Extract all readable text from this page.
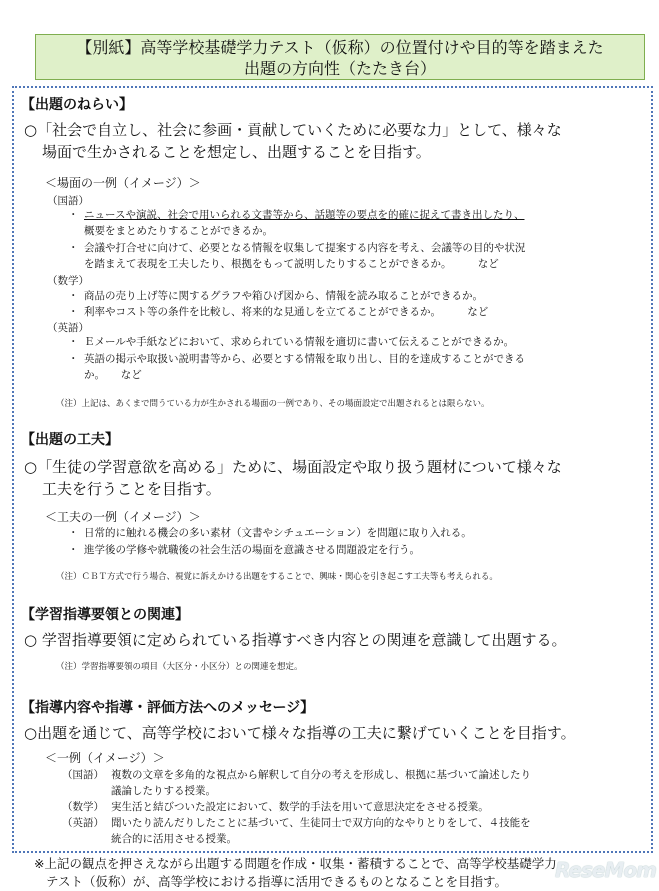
【別紙】高等学校基礎学力テスト（仮称）の位置付けや目的等を踏まえた
出題の方向性（たたき台）
【出題のねらい】
○「社会で自立し、社会に参画・貢献していくために必要な力」として、様々な
場面で生かされることを想定し、出題することを目指す。
＜場面の一例（イメージ）＞
（国語）
・ ニュースや演説、社会で用いられる文書等から、話題等の要点を的確に捉えて書き出したり、
概要をまとめたりすることができるか。
・ 会議や打合せに向けて、必要となる情報を収集して提案する内容を考え、会議等の目的や状況
を踏まえて表現を工夫したり、根拠をもって説明したりすることができるか。　　　など
（数学）
・ 商品の売り上げ等に関するグラフや箱ひげ図から、情報を読み取ることができるか。
・ 利率やコスト等の条件を比較し、将来的な見通しを立てることができるか。　　　など
（英語）
・ Ｅメールや手紙などにおいて、求められている情報を適切に書いて伝えることができるか。
・ 英語の掲示や取扱い説明書等から、必要とする情報を取り出し、目的を達成することができる
か。　　など
（注）上記は、あくまで問うている力が生かされる場面の一例であり、その場面設定で出題されるとは限らない。
【出題の工夫】
○「生徒の学習意欲を高める」ために、場面設定や取り扱う題材について様々な
工夫を行うことを目指す。
＜工夫の一例（イメージ）＞
・ 日常的に触れる機会の多い素材（文書やシチュエーション）を問題に取り入れる。
・ 進学後の学修や就職後の社会生活の場面を意識させる問題設定を行う。
（注）ＣＢＴ方式で行う場合、視覚に訴えかける出題をすることで、興味・関心を引き起こす工夫等も考えられる。
【学習指導要領との関連】
○ 学習指導要領に定められている指導すべき内容との関連を意識して出題する。
（注）学習指導要領の項目（大区分・小区分）との関連を想定。
【指導内容や指導・評価方法へのメッセージ】
○出題を通じて、高等学校において様々な指導の工夫に繋げていくことを目指す。
＜一例（イメージ）＞
（国語） 複数の文章を多角的な視点から解釈して自分の考えを形成し、根拠に基づいて論述したり
議論したりする授業。
（数学） 実生活と結びついた設定において、数学的手法を用いて意思決定をさせる授業。
（英語） 聞いたり読んだりしたことに基づいて、生徒同士で双方向的なやりとりをして、４技能を
統合的に活用させる授業。
※上記の観点を押さえながら出題する問題を作成・収集・蓄積することで、高等学校基礎学力
テスト（仮称）が、高等学校における指導に活用できるものとなることを目指す。 ReseMom
